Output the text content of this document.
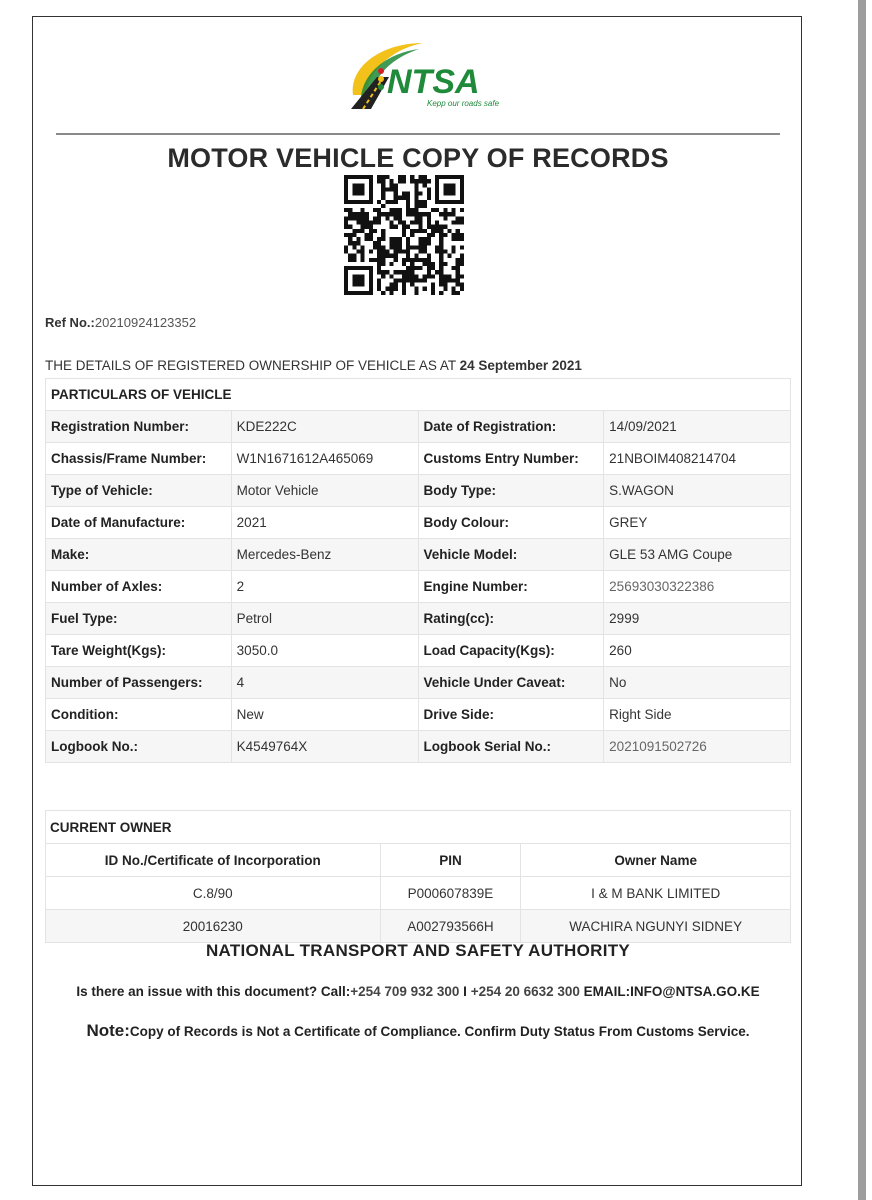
NTSA
Kepp our roads safe
MOTOR VEHICLE COPY OF RECORDS
Ref No.:20210924123352
THE DETAILS OF REGISTERED OWNERSHIP OF VEHICLE AS AT 24 September 2021
PARTICULARS OF VEHICLE			
Registration Number:	KDE222C	Date of Registration:	14/09/2021
Chassis/Frame Number:	W1N1671612A465069	Customs Entry Number:	21NBOIM408214704
Type of Vehicle:	Motor Vehicle	Body Type:	S.WAGON
Date of Manufacture:	2021	Body Colour:	GREY
Make:	Mercedes-Benz	Vehicle Model:	GLE 53 AMG Coupe
Number of Axles:	2	Engine Number:	25693030322386
Fuel Type:	Petrol	Rating(cc):	2999
Tare Weight(Kgs):	3050.0	Load Capacity(Kgs):	260
Number of Passengers:	4	Vehicle Under Caveat:	No
Condition:	New	Drive Side:	Right Side
Logbook No.:	K4549764X	Logbook Serial No.:	2021091502726
CURRENT OWNER		
ID No./Certificate of Incorporation	PIN	Owner Name
C.8/90	P000607839E	I & M BANK LIMITED
20016230	A002793566H	WACHIRA NGUNYI SIDNEY
NATIONAL TRANSPORT AND SAFETY AUTHORITY
Is there an issue with this document? Call:+254 709 932 300 I +254 20 6632 300 EMAIL:INFO@NTSA.GO.KE
Note:Copy of Records is Not a Certificate of Compliance. Confirm Duty Status From Customs Service.
